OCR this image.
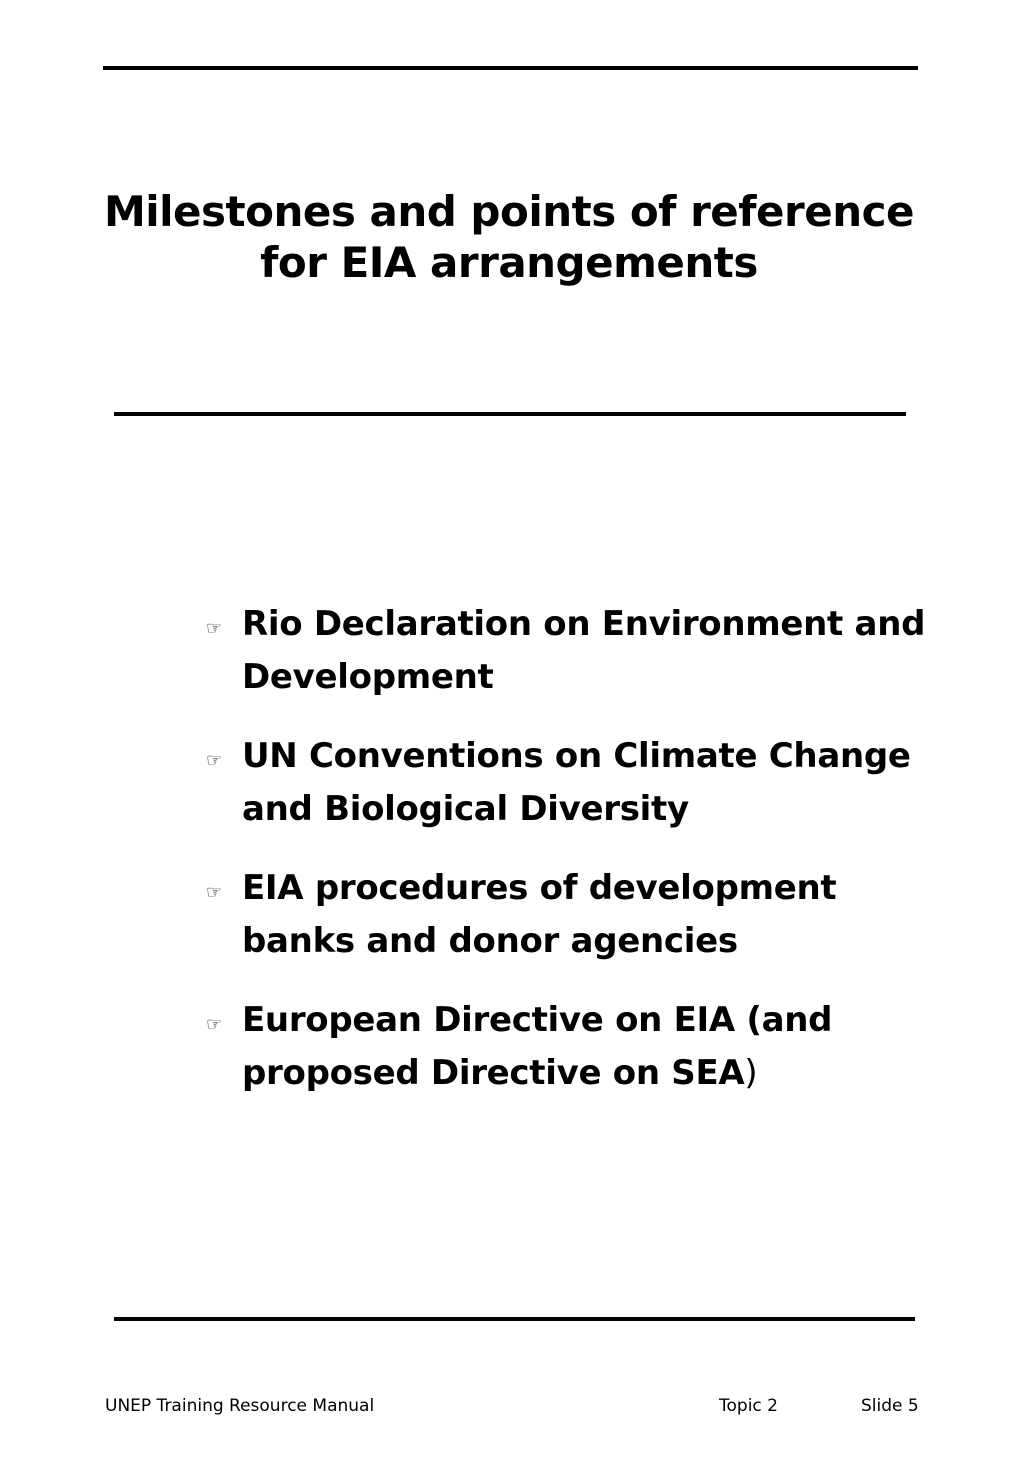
Milestones and points of reference
for EIA arrangements
☞ Rio Declaration on Environment and
Development
☞ UN Conventions on Climate Change
and Biological Diversity
☞ EIA procedures of development
banks and donor agencies
☞ European Directive on EIA (and
proposed Directive on SEA)
UNEP Training Resource Manual	Topic 2	Slide 5
